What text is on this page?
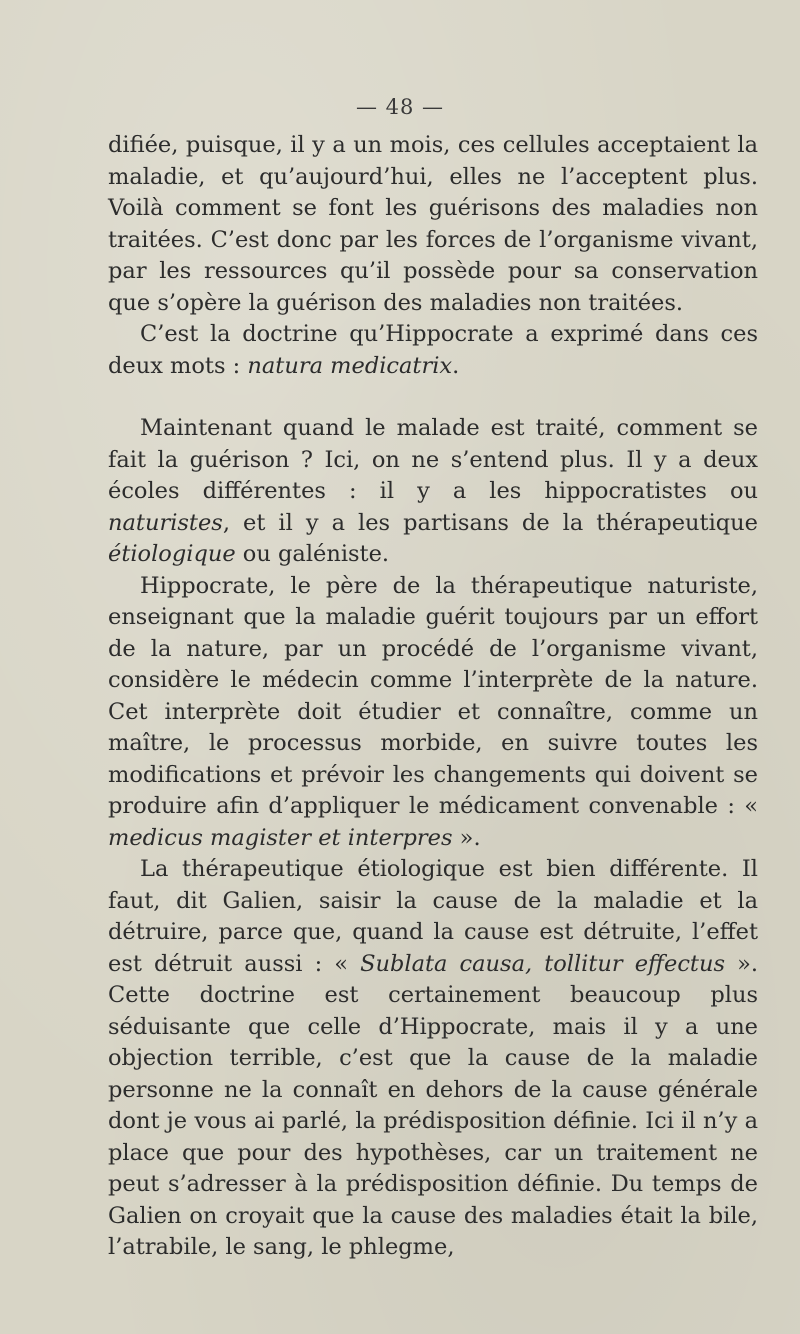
— 48 —

difiée, puisque, il y a un mois, ces cellules acceptaient la maladie, et qu’aujourd’hui, elles ne l’acceptent plus. Voilà comment se font les guérisons des maladies non traitées. C’est donc par les forces de l’organisme vivant, par les ressources qu’il possède pour sa conservation que s’opère la guérison des maladies non traitées.

C’est la doctrine qu’Hippocrate a exprimé dans ces deux mots : natura medicatrix.

Maintenant quand le malade est traité, comment se fait la guérison ? Ici, on ne s’entend plus. Il y a deux écoles différentes : il y a les hippocratistes ou naturistes, et il y a les partisans de la thérapeutique étiologique ou galéniste.

Hippocrate, le père de la thérapeutique naturiste, enseignant que la maladie guérit toujours par un effort de la nature, par un procédé de l’organisme vivant, considère le médecin comme l’interprète de la nature. Cet interprète doit étudier et connaître, comme un maître, le processus morbide, en suivre toutes les modifications et prévoir les changements qui doivent se produire afin d’appliquer le médicament convenable : « medicus magister et interpres ».

La thérapeutique étiologique est bien différente. Il faut, dit Galien, saisir la cause de la maladie et la détruire, parce que, quand la cause est détruite, l’effet est détruit aussi : « Sublata causa, tollitur effectus ». Cette doctrine est certainement beaucoup plus séduisante que celle d’Hippocrate, mais il y a une objection terrible, c’est que la cause de la maladie personne ne la connaît en dehors de la cause générale dont je vous ai parlé, la prédisposition définie. Ici il n’y a place que pour des hypothèses, car un traitement ne peut s’adresser à la prédisposition définie. Du temps de Galien on croyait que la cause des maladies était la bile, l’atrabile, le sang, le phlegme,
